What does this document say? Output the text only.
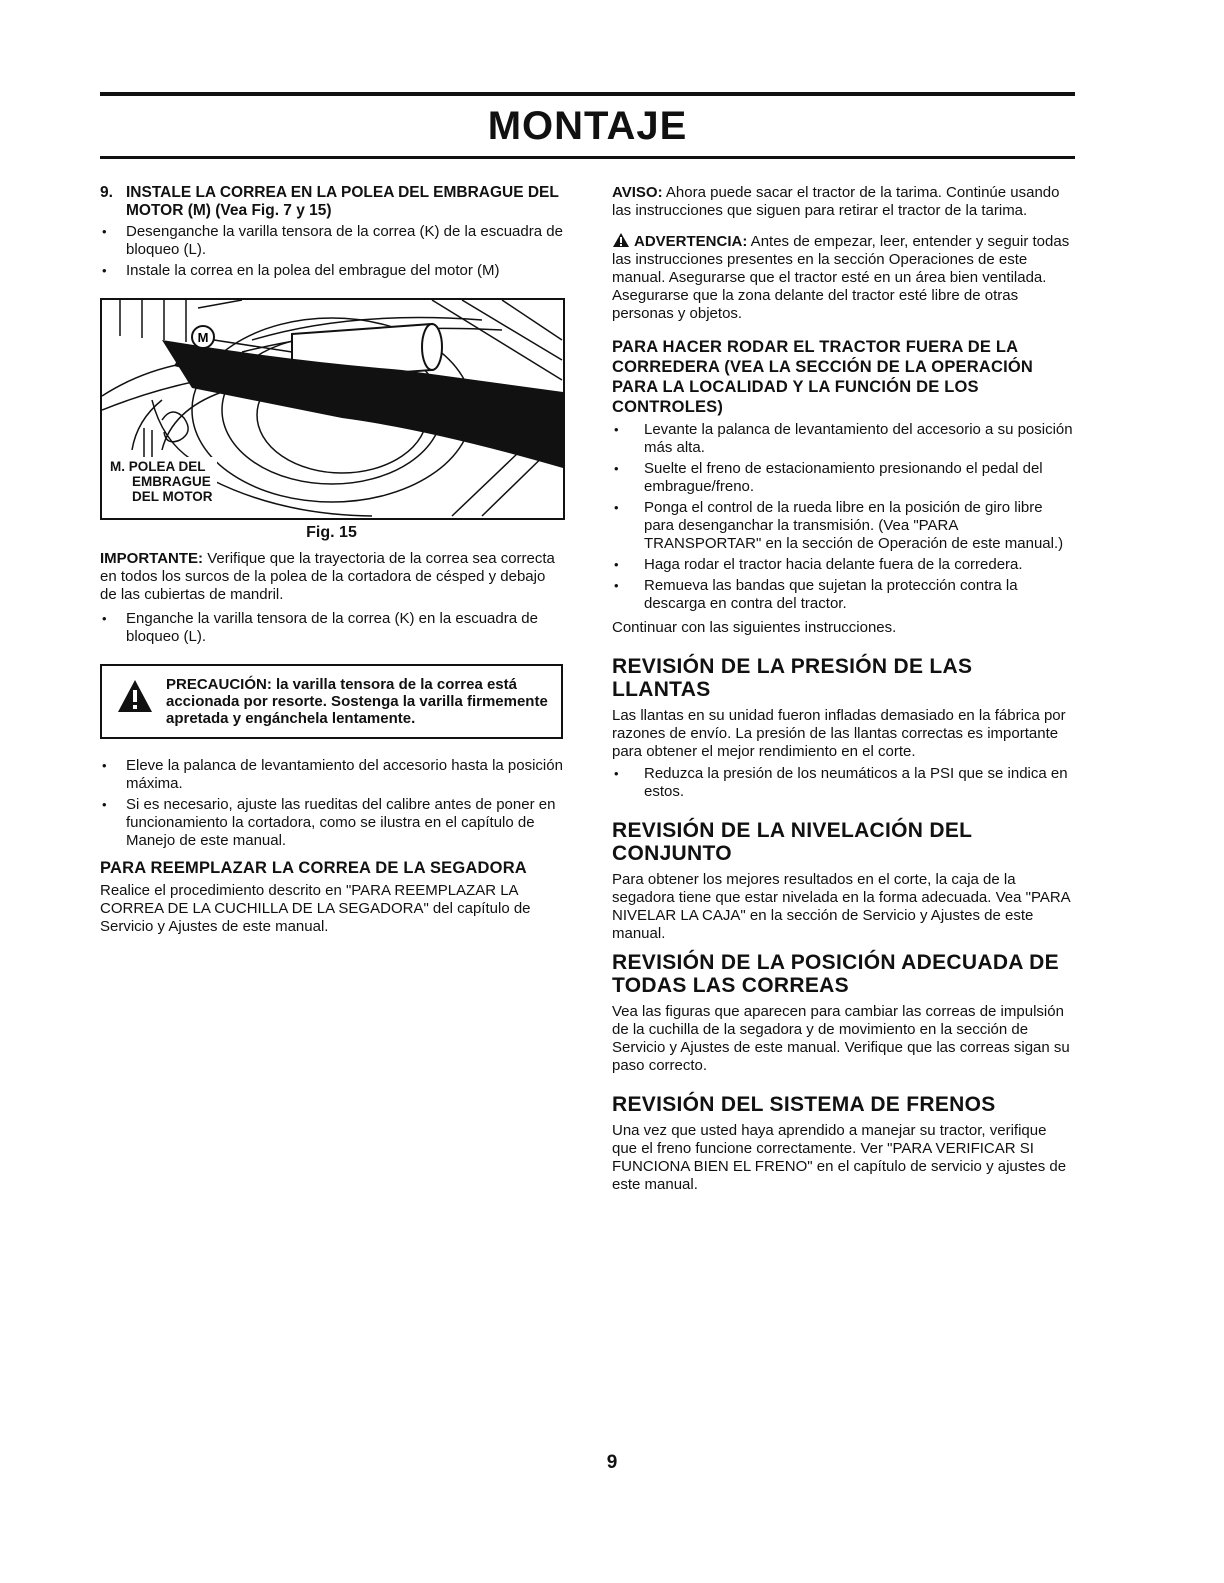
MONTAJE
9. INSTALE LA CORREA EN LA POLEA DEL EMBRAGUE DEL MOTOR (M) (Vea Fig. 7 y 15)
• Desenganche la varilla tensora de la correa (K) de la escuadra de bloqueo (L).
• Instale la correa en la polea del embrague del motor (M)
M
M. POLEA DEL
EMBRAGUE
DEL MOTOR
Fig. 15

IMPORTANTE: Verifique que la trayectoria de la correa sea correcta en todos los surcos de la polea de la cortadora de césped y debajo de las cubiertas de mandril.

• Enganche la varilla tensora de la correa (K) en la escuadra de bloqueo (L).

PRECAUCIÓN: la varilla tensora de la correa está accionada por resorte. Sostenga la varilla firmemente apretada y engánchela lentamente.

• Eleve la palanca de levantamiento del accesorio hasta la posición máxima.
• Si es necesario, ajuste las rueditas del calibre antes de poner en funcionamiento la cortadora, como se ilustra en el capítulo de Manejo de este manual.
PARA REEMPLAZAR LA CORREA DE LA SEGADORA

Realice el procedimiento descrito en "PARA REEMPLAZAR LA CORREA DE LA CUCHILLA DE LA SEGADORA" del capítulo de Servicio y Ajustes de este manual.

AVISO: Ahora puede sacar el tractor de la tarima. Continúe usando las instrucciones que siguen para retirar el tractor de la tarima.

ADVERTENCIA: Antes de empezar, leer, entender y seguir todas las instrucciones presentes en la sección Operaciones de este manual. Asegurarse que el tractor esté en un área bien ventilada. Asegurarse que la zona delante del tractor esté libre de otras personas y objetos.

PARA HACER RODAR EL TRACTOR FUERA DE LA CORREDERA (VEA LA SECCIÓN DE LA OPERACIÓN PARA LA LOCALIDAD Y LA FUNCIÓN DE LOS CONTROLES)
• Levante la palanca de levantamiento del accesorio a su posición más alta.
• Suelte el freno de estacionamiento presionando el pedal del embrague/freno.
• Ponga el control de la rueda libre en la posición de giro libre para desenganchar la transmisión. (Vea "PARA TRANSPORTAR" en la sección de Operación de este manual.)
• Haga rodar el tractor hacia delante fuera de la corredera.
• Remueva las bandas que sujetan la protección contra la descarga en contra del tractor.

Continuar con las siguientes instrucciones.

REVISIÓN DE LA PRESIÓN DE LAS LLANTAS

Las llantas en su unidad fueron infladas demasiado en la fábrica por razones de envío. La presión de las llantas correctas es importante para obtener el mejor rendimiento en el corte.

• Reduzca la presión de los neumáticos a la PSI que se indica en estos.
REVISIÓN DE LA NIVELACIÓN DEL CONJUNTO

Para obtener los mejores resultados en el corte, la caja de la segadora tiene que estar nivelada en la forma adecuada. Vea "PARA NIVELAR LA CAJA" en la sección de Servicio y Ajustes de este manual.

REVISIÓN DE LA POSICIÓN ADECUADA DE TODAS LAS CORREAS

Vea las figuras que aparecen para cambiar las correas de impulsión de la cuchilla de la segadora y de movimiento en la sección de Servicio y Ajustes de este manual. Verifique que las correas sigan su paso correcto.

REVISIÓN DEL SISTEMA DE FRENOS

Una vez que usted haya aprendido a manejar su tractor, verifique que el freno funcione correctamente. Ver "PARA VERIFICAR SI FUNCIONA BIEN EL FRENO" en el capítulo de servicio y ajustes de este manual.

9
